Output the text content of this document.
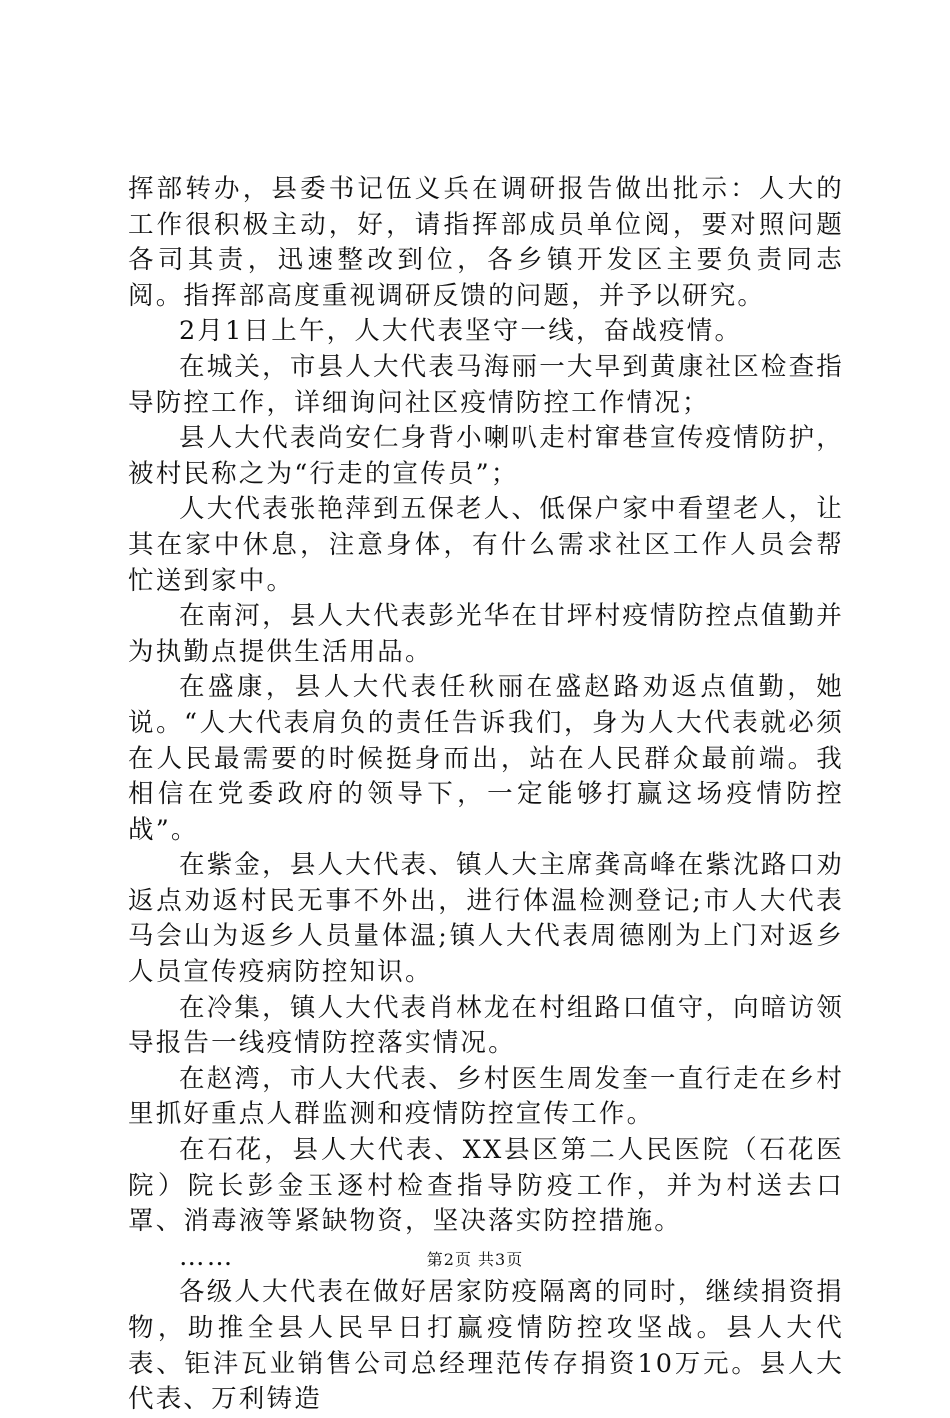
挥部转办，县委书记伍义兵在调研报告做出批示：人大的工作很积极主动，好，请指挥部成员单位阅，要对照问题各司其责，迅速整改到位，各乡镇开发区主要负责同志阅。指挥部高度重视调研反馈的问题，并予以研究。

2月1日上午，人大代表坚守一线，奋战疫情。

在城关，市县人大代表马海丽一大早到黄康社区检查指导防控工作，详细询问社区疫情防控工作情况；

县人大代表尚安仁身背小喇叭走村窜巷宣传疫情防护，被村民称之为“行走的宣传员”；

人大代表张艳萍到五保老人、低保户家中看望老人，让其在家中休息，注意身体，有什么需求社区工作人员会帮忙送到家中。

在南河，县人大代表彭光华在甘坪村疫情防控点值勤并为执勤点提供生活用品。

在盛康，县人大代表任秋丽在盛赵路劝返点值勤，她说。“人大代表肩负的责任告诉我们，身为人大代表就必须在人民最需要的时候挺身而出，站在人民群众最前端。我相信在党委政府的领导下，一定能够打赢这场疫情防控战”。

在紫金，县人大代表、镇人大主席龚高峰在紫沈路口劝返点劝返村民无事不外出，进行体温检测登记;市人大代表马会山为返乡人员量体温;镇人大代表周德刚为上门对返乡人员宣传疫病防控知识。

在冷集，镇人大代表肖林龙在村组路口值守，向暗访领导报告一线疫情防控落实情况。

在赵湾，市人大代表、乡村医生周发奎一直行走在乡村里抓好重点人群监测和疫情防控宣传工作。

在石花，县人大代表、XX县区第二人民医院（石花医院）院长彭金玉逐村检查指导防疫工作，并为村送去口罩、消毒液等紧缺物资，坚决落实防控措施。

……

各级人大代表在做好居家防疫隔离的同时，继续捐资捐物，助推全县人民早日打赢疫情防控攻坚战。县人大代表、钜沣瓦业销售公司总经理范传存捐资10万元。县人大代表、万利铸造

第2页 共3页
